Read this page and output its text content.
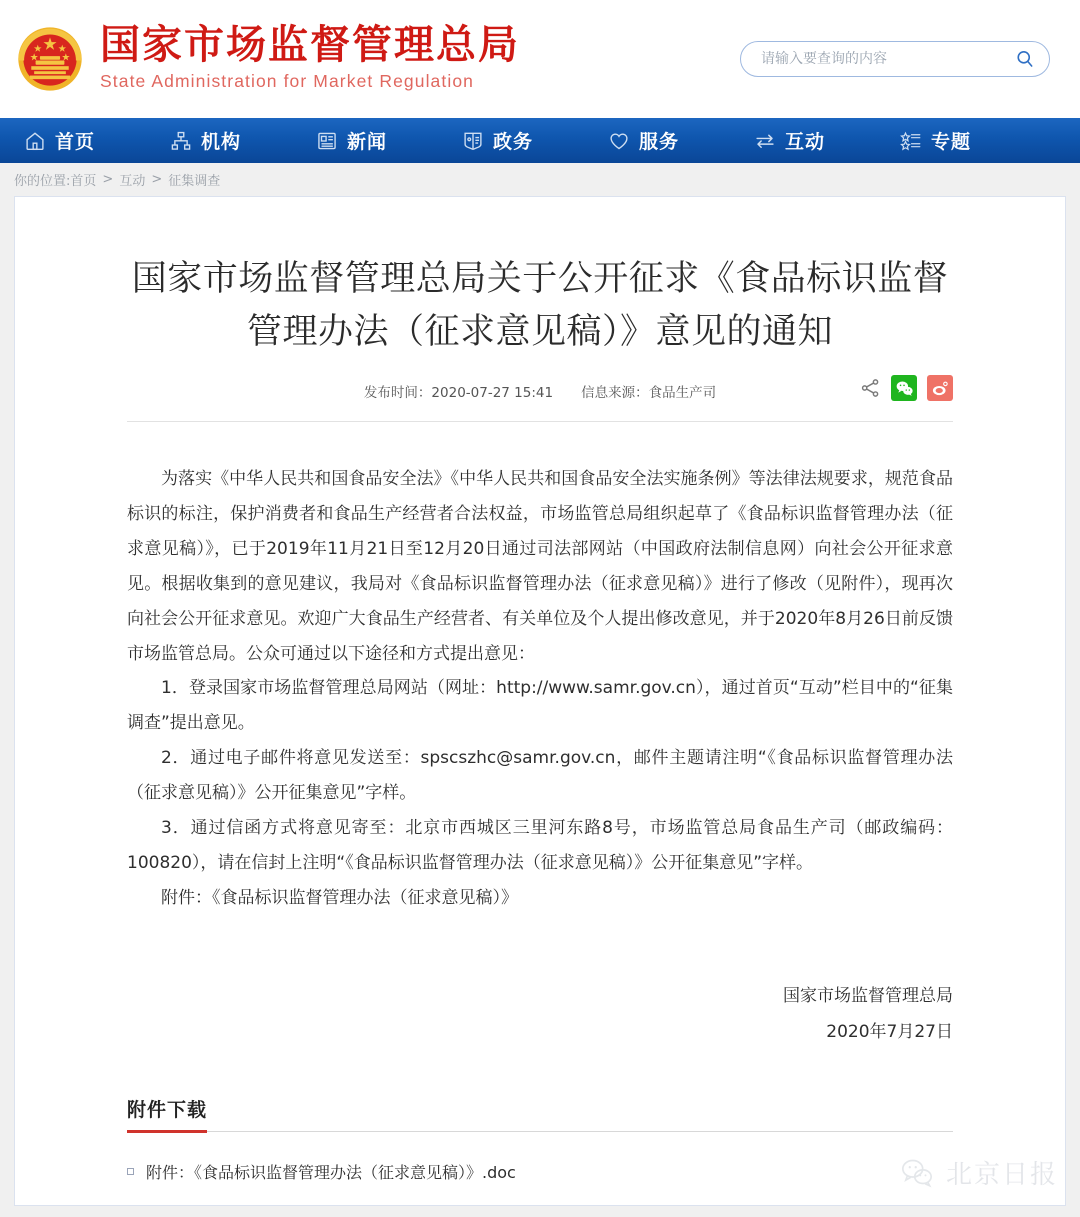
国家市场监督管理总局
State Administration for Market Regulation
请输入要查询的内容
首页	机构	新闻	政务	服务	互动	专题
你的位置: 首页 > 互动 > 征集调查
国家市场监督管理总局关于公开征求《食品标识监督管理办法（征求意见稿）》意见的通知
发布时间：2020-07-27 15:41 信息来源：食品生产司

为落实《中华人民共和国食品安全法》《中华人民共和国食品安全法实施条例》等法律法规要求，规范食品标识的标注，保护消费者和食品生产经营者合法权益，市场监管总局组织起草了《食品标识监督管理办法（征求意见稿）》，已于2019年11月21日至12月20日通过司法部网站（中国政府法制信息网）向社会公开征求意见。根据收集到的意见建议，我局对《食品标识监督管理办法（征求意见稿）》进行了修改（见附件），现再次向社会公开征求意见。欢迎广大食品生产经营者、有关单位及个人提出修改意见，并于2020年8月26日前反馈市场监管总局。公众可通过以下途径和方式提出意见：

1．登录国家市场监督管理总局网站（网址：http://www.samr.gov.cn），通过首页“互动”栏目中的“征集调查”提出意见。

2．通过电子邮件将意见发送至：spscszhc@samr.gov.cn，邮件主题请注明“《食品标识监督管理办法（征求意见稿）》公开征集意见”字样。

3．通过信函方式将意见寄至：北京市西城区三里河东路8号，市场监管总局食品生产司（邮政编码：100820），请在信封上注明“《食品标识监督管理办法（征求意见稿）》公开征集意见”字样。

附件：《食品标识监督管理办法（征求意见稿）》

国家市场监督管理总局
2020年7月27日
附件下载
附件：《食品标识监督管理办法（征求意见稿）》.doc	北京日报
